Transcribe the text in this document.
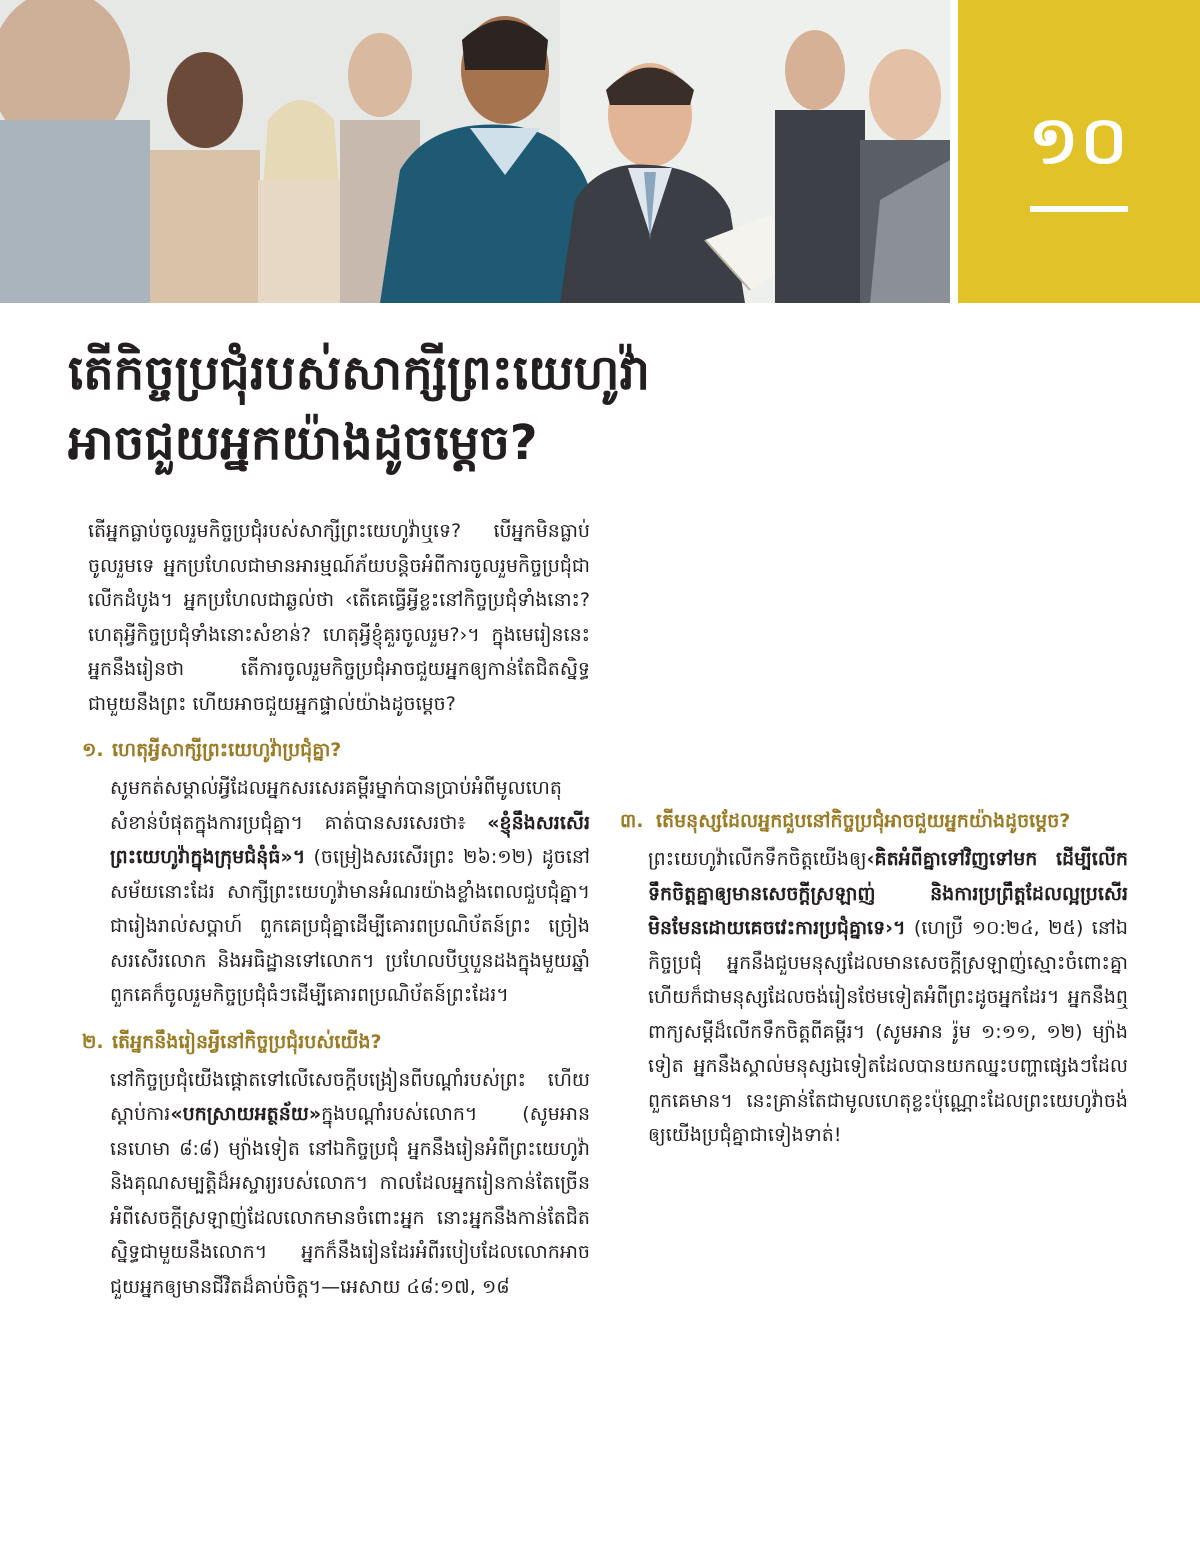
១០
តើកិច្ចប្រជុំរបស់សាក្សីព្រះយេហូវ៉ា
អាចជួយអ្នកយ៉ាងដូចម្ដេច?

តើអ្នកធ្លាប់ចូលរួមកិច្ចប្រជុំរបស់សាក្សីព្រះយេហូវ៉ាឬទេ? បើអ្នកមិនធ្លាប់ចូលរួមទេ អ្នកប្រហែលជាមានអារម្មណ៍ភ័យបន្តិចអំពីការចូលរួមកិច្ចប្រជុំជាលើកដំបូង។ អ្នកប្រហែលជាឆ្ងល់ថា ‹តើគេធ្វើអ្វីខ្លះនៅកិច្ចប្រជុំទាំងនោះ? ហេតុអ្វីកិច្ចប្រជុំទាំងនោះសំខាន់? ហេតុអ្វីខ្ញុំគួរចូលរួម?›។ ក្នុងមេរៀននេះ អ្នកនឹងរៀនថា តើការចូលរួមកិច្ចប្រជុំអាចជួយអ្នកឲ្យកាន់តែជិតស្និទ្ធជាមួយនឹងព្រះ ហើយអាចជួយអ្នកផ្ទាល់យ៉ាងដូចម្ដេច?

១. ហេតុអ្វីសាក្សីព្រះយេហូវ៉ាប្រជុំគ្នា?

សូមកត់សម្គាល់អ្វីដែលអ្នកសរសេរគម្ពីរម្នាក់បានប្រាប់អំពីមូលហេតុសំខាន់បំផុតក្នុងការប្រជុំគ្នា។ គាត់បានសរសេរថា៖ «ខ្ញុំនឹងសរសើរព្រះយេហូវ៉ាក្នុងក្រុមជំនុំធំ»។ (ចម្រៀងសរសើរព្រះ ២៦:១២) ដូចនៅសម័យនោះដែរ សាក្សីព្រះយេហូវ៉ាមានអំណរយ៉ាងខ្លាំងពេលជួបជុំគ្នា។ ជារៀងរាល់សប្ដាហ៍ ពួកគេប្រជុំគ្នាដើម្បីគោរពប្រណិប័តន៍ព្រះ ច្រៀងសរសើរលោក និងអធិដ្ឋានទៅលោក។ ប្រហែលបីឬបួនដងក្នុងមួយឆ្នាំ ពួកគេក៏ចូលរួមកិច្ចប្រជុំធំៗដើម្បីគោរពប្រណិប័តន៍ព្រះដែរ។

២. តើអ្នកនឹងរៀនអ្វីនៅកិច្ចប្រជុំរបស់យើង?

នៅកិច្ចប្រជុំយើងផ្ដោតទៅលើសេចក្ដីបង្រៀនពីបណ្ដាំរបស់ព្រះ ហើយស្ដាប់ការ«បកស្រាយអត្ថន័យ»ក្នុងបណ្ដាំរបស់លោក។ (សូមអាន នេហេមា ៨:៨) ម្យ៉ាងទៀត នៅឯកិច្ចប្រជុំ អ្នកនឹងរៀនអំពីព្រះយេហូវ៉ានិងគុណសម្បត្តិដ៏អស្ចារ្យរបស់លោក។ កាលដែលអ្នករៀនកាន់តែច្រើនអំពីសេចក្ដីស្រឡាញ់ដែលលោកមានចំពោះអ្នក នោះអ្នកនឹងកាន់តែជិតស្និទ្ធជាមួយនឹងលោក។ អ្នកក៏នឹងរៀនដែរអំពីរបៀបដែលលោកអាចជួយអ្នកឲ្យមានជីវិតដ៏គាប់ចិត្ត។—អេសាយ ៤៨:១៧, ១៨

៣. តើមនុស្សដែលអ្នកជួបនៅកិច្ចប្រជុំអាចជួយអ្នកយ៉ាងដូចម្ដេច?

ព្រះយេហូវ៉ាលើកទឹកចិត្តយើងឲ្យ‹គិតអំពីគ្នាទៅវិញទៅមក ដើម្បីលើកទឹកចិត្តគ្នាឲ្យមានសេចក្ដីស្រឡាញ់ និងការប្រព្រឹត្តដែលល្អប្រសើរ មិនមែនដោយគេចវេះការប្រជុំគ្នាទេ›។ (ហេប្រឺ ១០:២៤, ២៥) នៅឯកិច្ចប្រជុំ អ្នកនឹងជួបមនុស្សដែលមានសេចក្ដីស្រឡាញ់ស្មោះចំពោះគ្នា ហើយក៏ជាមនុស្សដែលចង់រៀនថែមទៀតអំពីព្រះដូចអ្នកដែរ។ អ្នកនឹងឮពាក្យសម្ដីដ៏លើកទឹកចិត្តពីគម្ពីរ។ (សូមអាន រ៉ូម ១:១១, ១២) ម្យ៉ាងទៀត អ្នកនឹងស្គាល់មនុស្សឯទៀតដែលបានយកឈ្នះបញ្ហាផ្សេងៗដែលពួកគេមាន។ នេះគ្រាន់តែជាមូលហេតុខ្លះប៉ុណ្ណោះដែលព្រះយេហូវ៉ាចង់ឲ្យយើងប្រជុំគ្នាជាទៀងទាត់!
